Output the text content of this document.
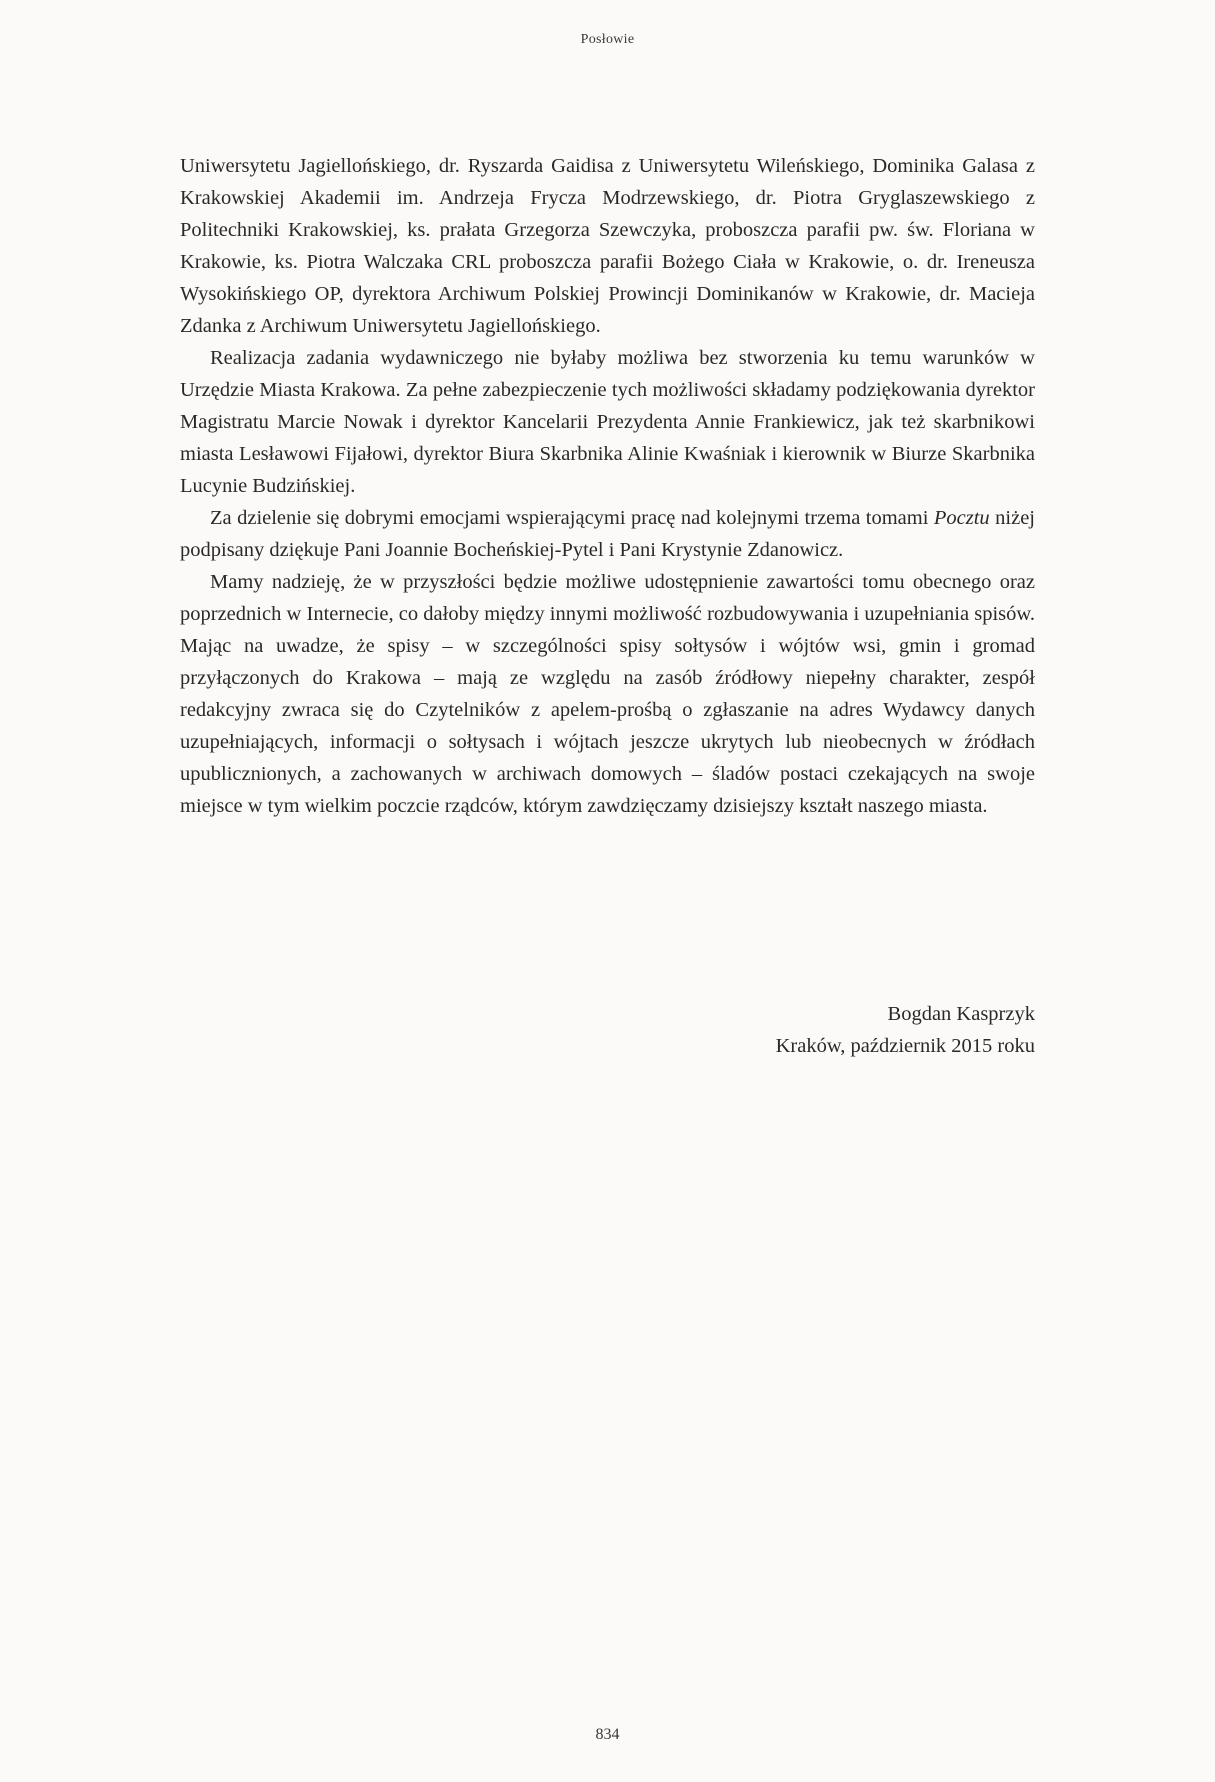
Posłowie

Uniwersytetu Jagiellońskiego, dr. Ryszarda Gaidisa z Uniwersytetu Wileńskiego, Dominika Galasa z Krakowskiej Akademii im. Andrzeja Frycza Modrzewskiego, dr. Piotra Gryglaszewskiego z Politechniki Krakowskiej, ks. prałata Grzegorza Szewczyka, proboszcza parafii pw. św. Floriana w Krakowie, ks. Piotra Walczaka CRL proboszcza parafii Bożego Ciała w Krakowie, o. dr. Ireneusza Wysokińskiego OP, dyrektora Archiwum Polskiej Prowincji Dominikanów w Krakowie, dr. Macieja Zdanka z Archiwum Uniwersytetu Jagiellońskiego.

Realizacja zadania wydawniczego nie byłaby możliwa bez stworzenia ku temu warunków w Urzędzie Miasta Krakowa. Za pełne zabezpieczenie tych możliwości składamy podziękowania dyrektor Magistratu Marcie Nowak i dyrektor Kancelarii Prezydenta Annie Frankiewicz, jak też skarbnikowi miasta Lesławowi Fijałowi, dyrektor Biura Skarbnika Alinie Kwaśniak i kierownik w Biurze Skarbnika Lucynie Budzińskiej.

Za dzielenie się dobrymi emocjami wspierającymi pracę nad kolejnymi trzema tomami Pocztu niżej podpisany dziękuje Pani Joannie Bocheńskiej-Pytel i Pani Krystynie Zdanowicz.

Mamy nadzieję, że w przyszłości będzie możliwe udostępnienie zawartości tomu obecnego oraz poprzednich w Internecie, co dałoby między innymi możliwość rozbudowywania i uzupełniania spisów. Mając na uwadze, że spisy – w szczególności spisy sołtysów i wójtów wsi, gmin i gromad przyłączonych do Krakowa – mają ze względu na zasób źródłowy niepełny charakter, zespół redakcyjny zwraca się do Czytelników z apelem-prośbą o zgłaszanie na adres Wydawcy danych uzupełniających, informacji o sołtysach i wójtach jeszcze ukrytych lub nieobecnych w źródłach upublicznionych, a zachowanych w archiwach domowych – śladów postaci czekających na swoje miejsce w tym wielkim poczcie rządców, którym zawdzięczamy dzisiejszy kształt naszego miasta.

Bogdan Kasprzyk
Kraków, październik 2015 roku
834
